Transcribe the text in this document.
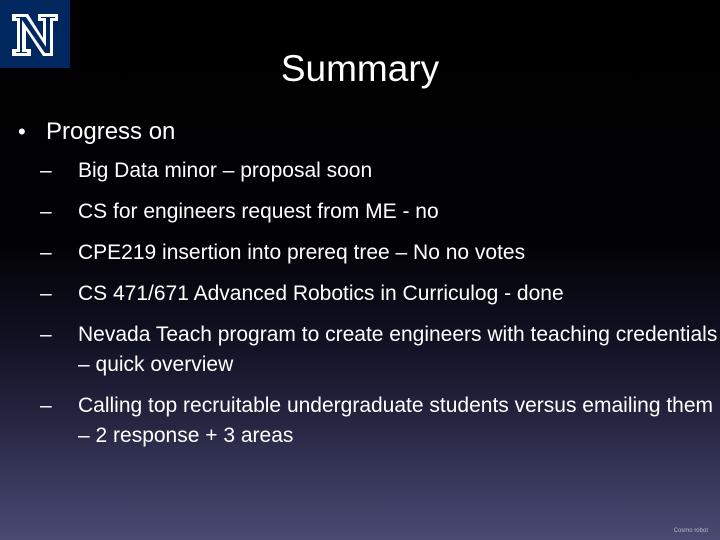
Summary
• Progress on
– Big Data minor – proposal soon
– CS for engineers request from ME - no
– CPE219 insertion into prereq tree – No no votes
– CS 471/671 Advanced Robotics in Curriculog - done
– Nevada Teach program to create engineers with teaching credentials – quick overview
– Calling top recruitable undergraduate students versus emailing them – 2 response + 3 areas
Cosmo robot
